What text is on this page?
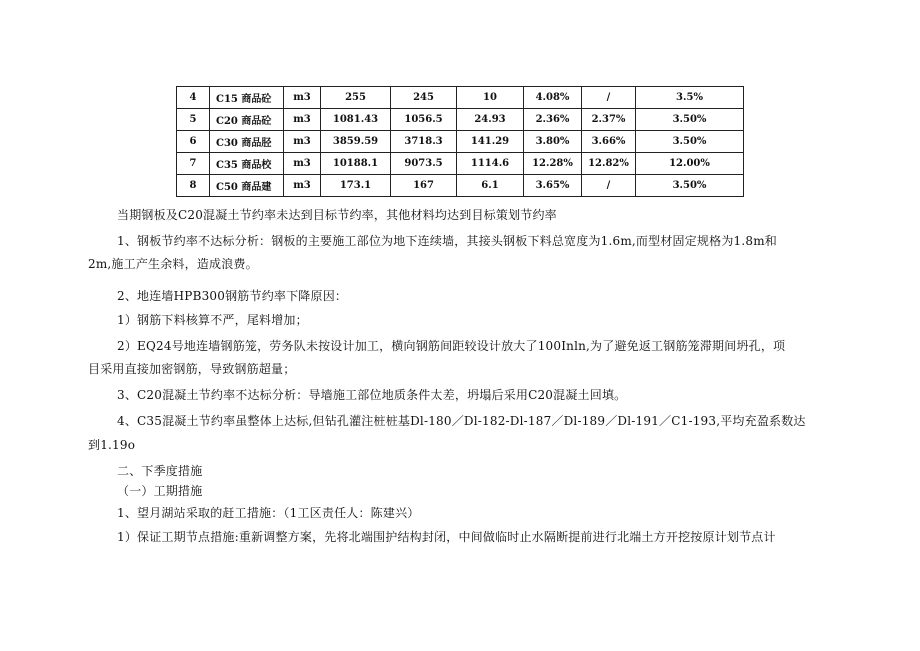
4	C15 商品砼	m3	255	245	10	4.08%	/	3.5%
5	C20 商品砼	m3	1081.43	1056.5	24.93	2.36%	2.37%	3.50%
6	C30 商品胫	m3	3859.59	3718.3	141.29	3.80%	3.66%	3.50%
7	C35 商品校	m3	10188.1	9073.5	1114.6	12.28%	12.82%	12.00%
8	C50 商品建	m3	173.1	167	6.1	3.65%	/	3.50%
当期钢板及C20混凝土节约率未达到目标节约率，其他材料均达到目标策划节约率
1、钢板节约率不达标分析：钢板的主要施工部位为地下连续墙，其接头钢板下料总宽度为1.6m,而型材固定规格为1.8m和
2m,施工产生余料，造成浪费。
2、地连墙HPB300钢筋节约率下降原因：
1）钢筋下料核算不严，尾料增加；
2）EQ24号地连墙钢筋笼，劳务队未按设计加工，横向钢筋间距较设计放大了100Inln,为了避免返工钢筋笼滞期间坍孔，项
目采用直接加密钢筋，导致钢筋超量；
3、C20混凝土节约率不达标分析：导墙施工部位地质条件太差，坍塌后采用C20混凝土回填。
4、C35混凝土节约率虽整体上达标,但钻孔灌注桩桩基Dl-180／Dl-182-Dl-187／Dl-189／Dl-191／C1-193,平均充盈系数达
到1.19o
二、下季度措施
（一）工期措施
1、望月湖站采取的赶工措施：（1工区责任人：陈建兴）
1）保证工期节点措施:重新调整方案，先将北端围护结构封闭，中间做临时止水隔断提前进行北端土方开挖按原计划节点计
